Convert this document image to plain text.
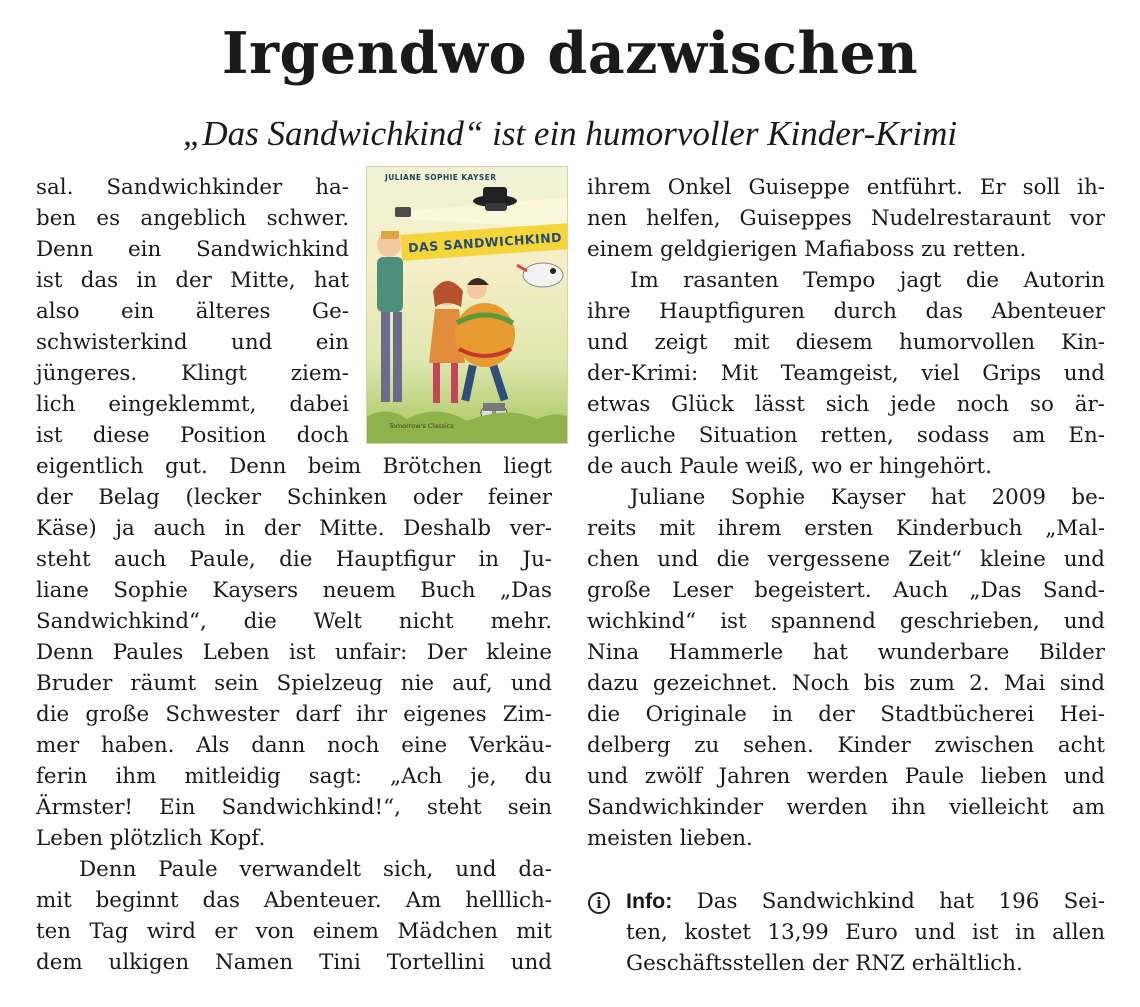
Irgendwo dazwischen

„Das Sandwichkind“ ist ein humorvoller Kinder-Krimi

sal. Sandwichkinder ha-

ben es angeblich schwer.

Denn ein Sandwichkind

ist das in der Mitte, hat

also ein älteres Ge-

schwisterkind und ein

jüngeres. Klingt ziem-

lich eingeklemmt, dabei

ist diese Position doch

eigentlich gut. Denn beim Brötchen liegt

der Belag (lecker Schinken oder feiner

Käse) ja auch in der Mitte. Deshalb ver-

steht auch Paule, die Hauptfigur in Ju-

liane Sophie Kaysers neuem Buch „Das

Sandwichkind“, die Welt nicht mehr.

Denn Paules Leben ist unfair: Der kleine

Bruder räumt sein Spielzeug nie auf, und

die große Schwester darf ihr eigenes Zim-

mer haben. Als dann noch eine Verkäu-

ferin ihm mitleidig sagt: „Ach je, du

Ärmster! Ein Sandwichkind!“, steht sein

Leben plötzlich Kopf.

Denn Paule verwandelt sich, und da-

mit beginnt das Abenteuer. Am helllich-

ten Tag wird er von einem Mädchen mit

dem ulkigen Namen Tini Tortellini und

JULIANE SOPHIE KAYSER
DAS SANDWICHKIND
Tomorrow's Classics

ihrem Onkel Guiseppe entführt. Er soll ih-

nen helfen, Guiseppes Nudelrestaraunt vor

einem geldgierigen Mafiaboss zu retten.

Im rasanten Tempo jagt die Autorin

ihre Hauptfiguren durch das Abenteuer

und zeigt mit diesem humorvollen Kin-

der-Krimi: Mit Teamgeist, viel Grips und

etwas Glück lässt sich jede noch so är-

gerliche Situation retten, sodass am En-

de auch Paule weiß, wo er hingehört.

Juliane Sophie Kayser hat 2009 be-

reits mit ihrem ersten Kinderbuch „Mal-

chen und die vergessene Zeit“ kleine und

große Leser begeistert. Auch „Das Sand-

wichkind“ ist spannend geschrieben, und

Nina Hammerle hat wunderbare Bilder

dazu gezeichnet. Noch bis zum 2. Mai sind

die Originale in der Stadtbücherei Hei-

delberg zu sehen. Kinder zwischen acht

und zwölf Jahren werden Paule lieben und

Sandwichkinder werden ihn vielleicht am

meisten lieben.

i	Info: Das Sandwichkind hat 196 Sei-

ten, kostet 13,99 Euro und ist in allen

Geschäftsstellen der RNZ erhältlich.
